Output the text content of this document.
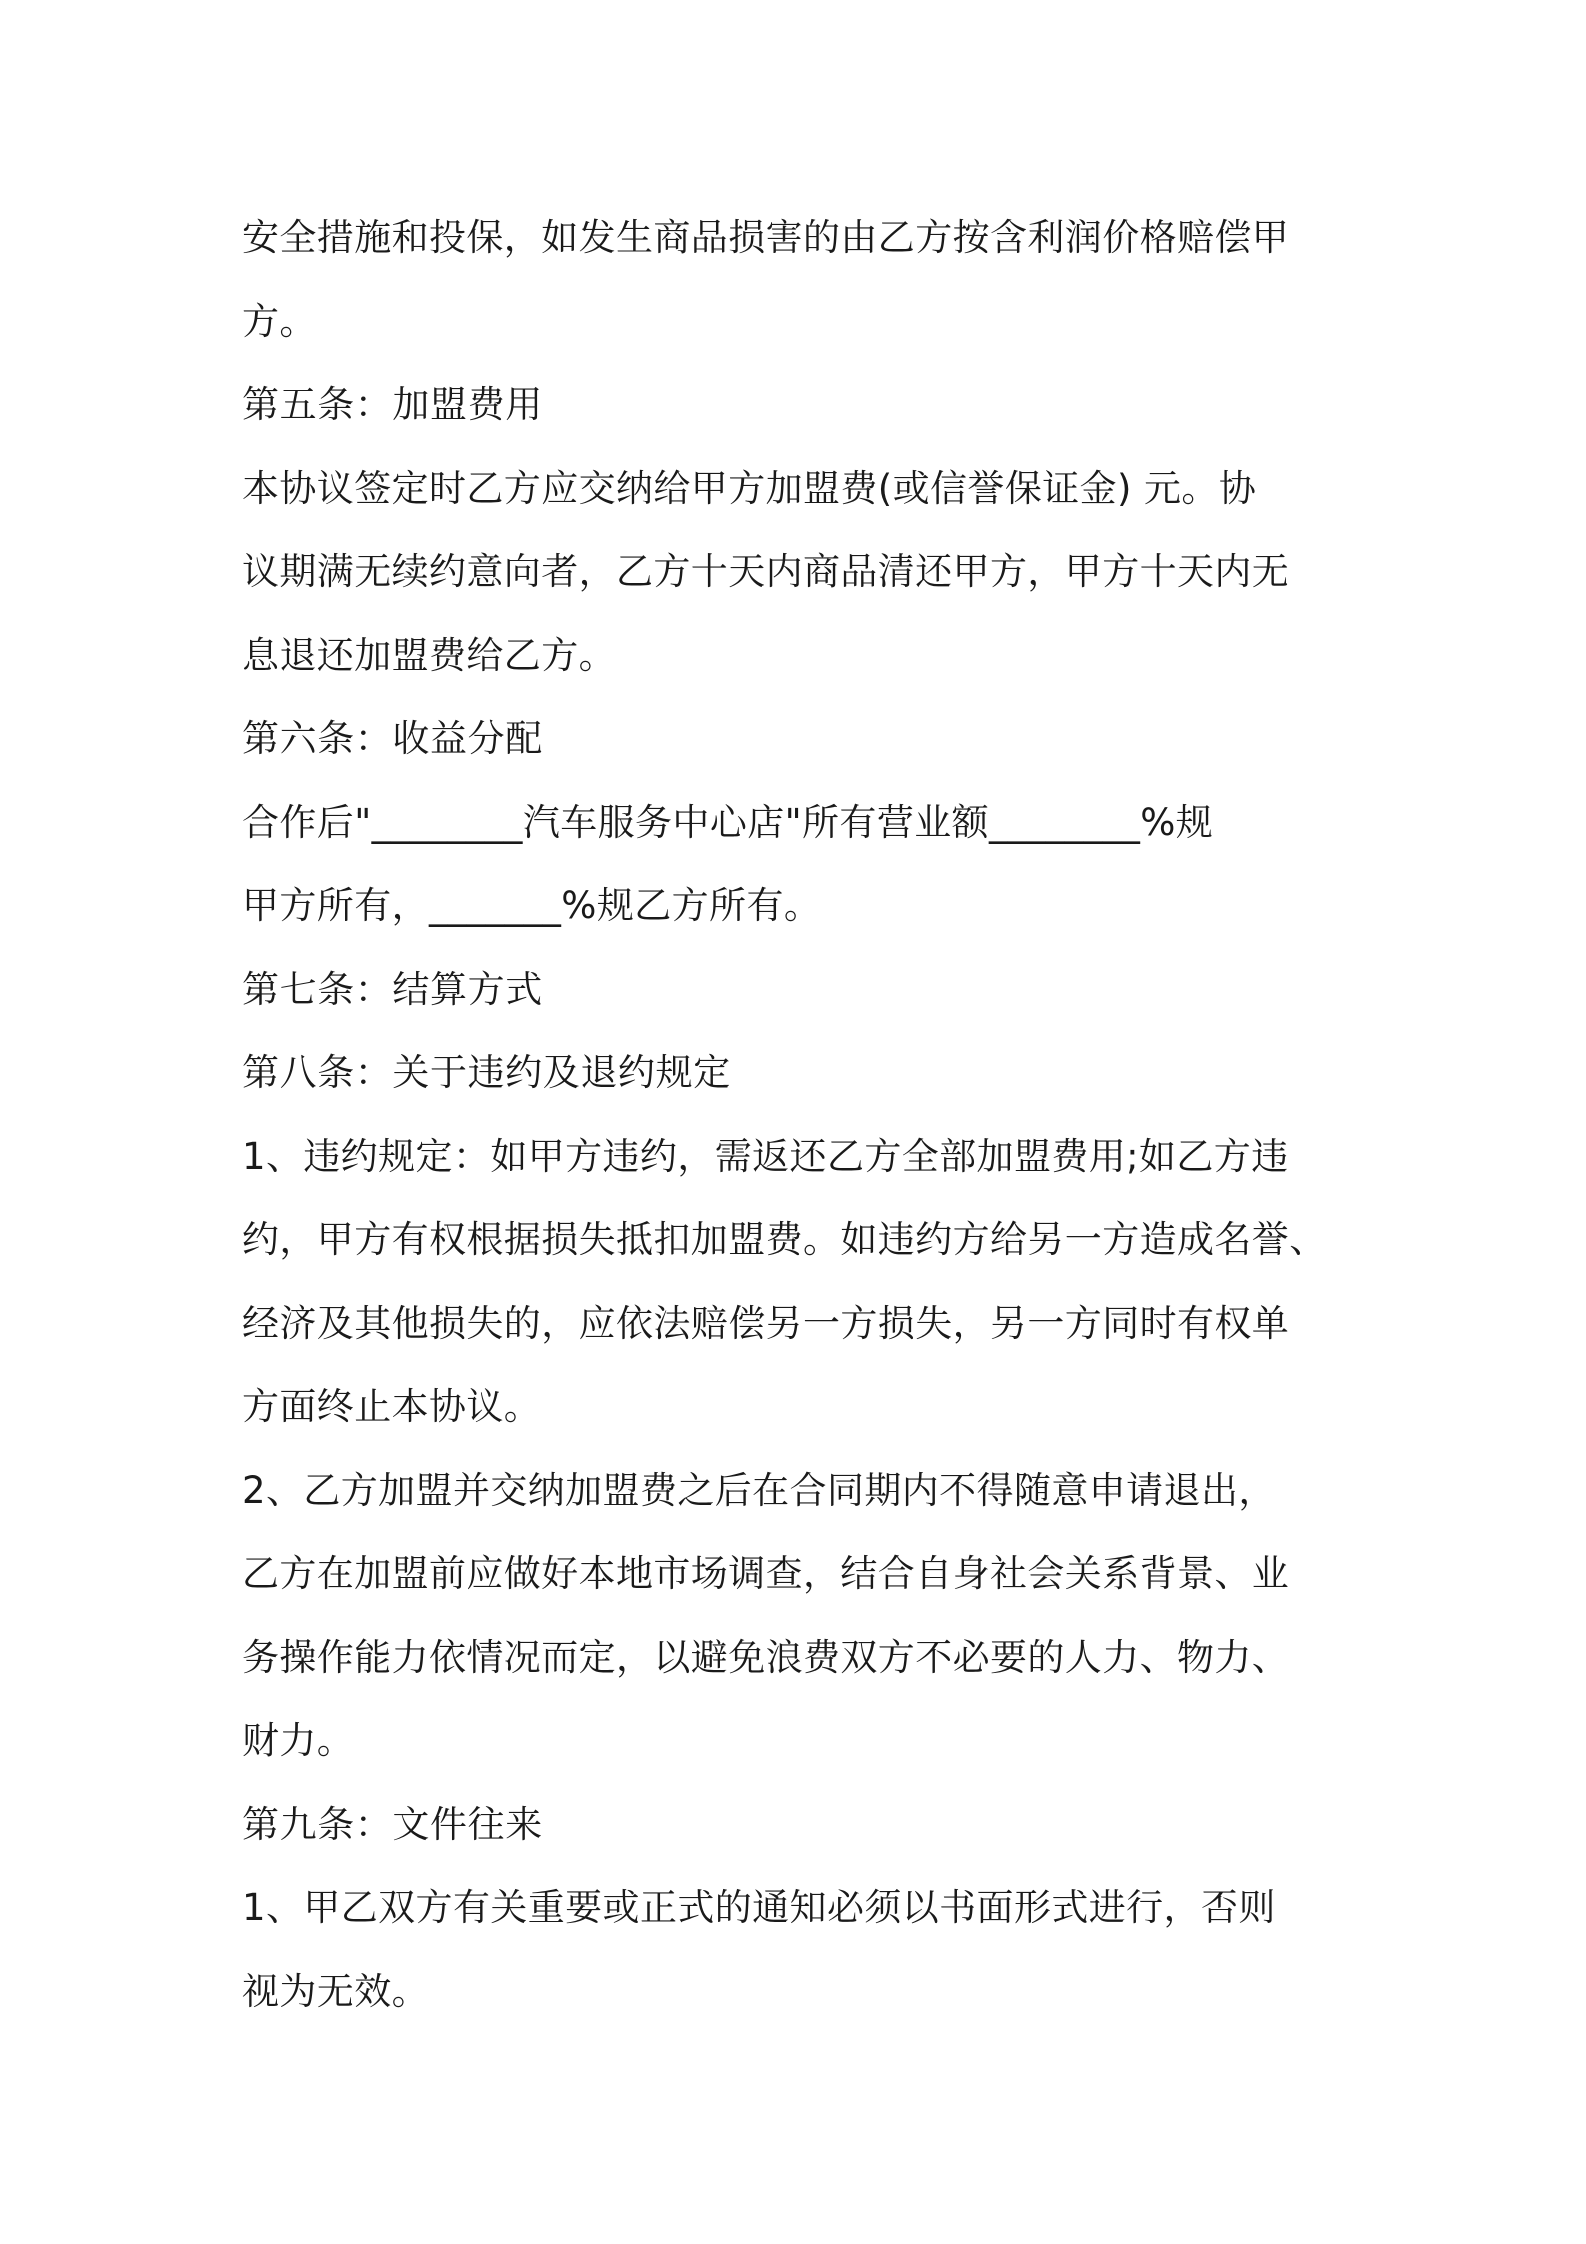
安全措施和投保，如发生商品损害的由乙方按含利润价格赔偿甲
方。
第五条：加盟费用
本协议签定时乙方应交纳给甲方加盟费(或信誉保证金) 元。协
议期满无续约意向者，乙方十天内商品清还甲方，甲方十天内无
息退还加盟费给乙方。
第六条：收益分配
合作后"________汽车服务中心店"所有营业额________%规
甲方所有，_______%规乙方所有。
第七条：结算方式
第八条：关于违约及退约规定
1、违约规定：如甲方违约，需返还乙方全部加盟费用;如乙方违
约，甲方有权根据损失抵扣加盟费。如违约方给另一方造成名誉、
经济及其他损失的，应依法赔偿另一方损失，另一方同时有权单
方面终止本协议。
2、乙方加盟并交纳加盟费之后在合同期内不得随意申请退出，
乙方在加盟前应做好本地市场调查，结合自身社会关系背景、业
务操作能力依情况而定，以避免浪费双方不必要的人力、物力、
财力。
第九条：文件往来
1、甲乙双方有关重要或正式的通知必须以书面形式进行，否则
视为无效。
